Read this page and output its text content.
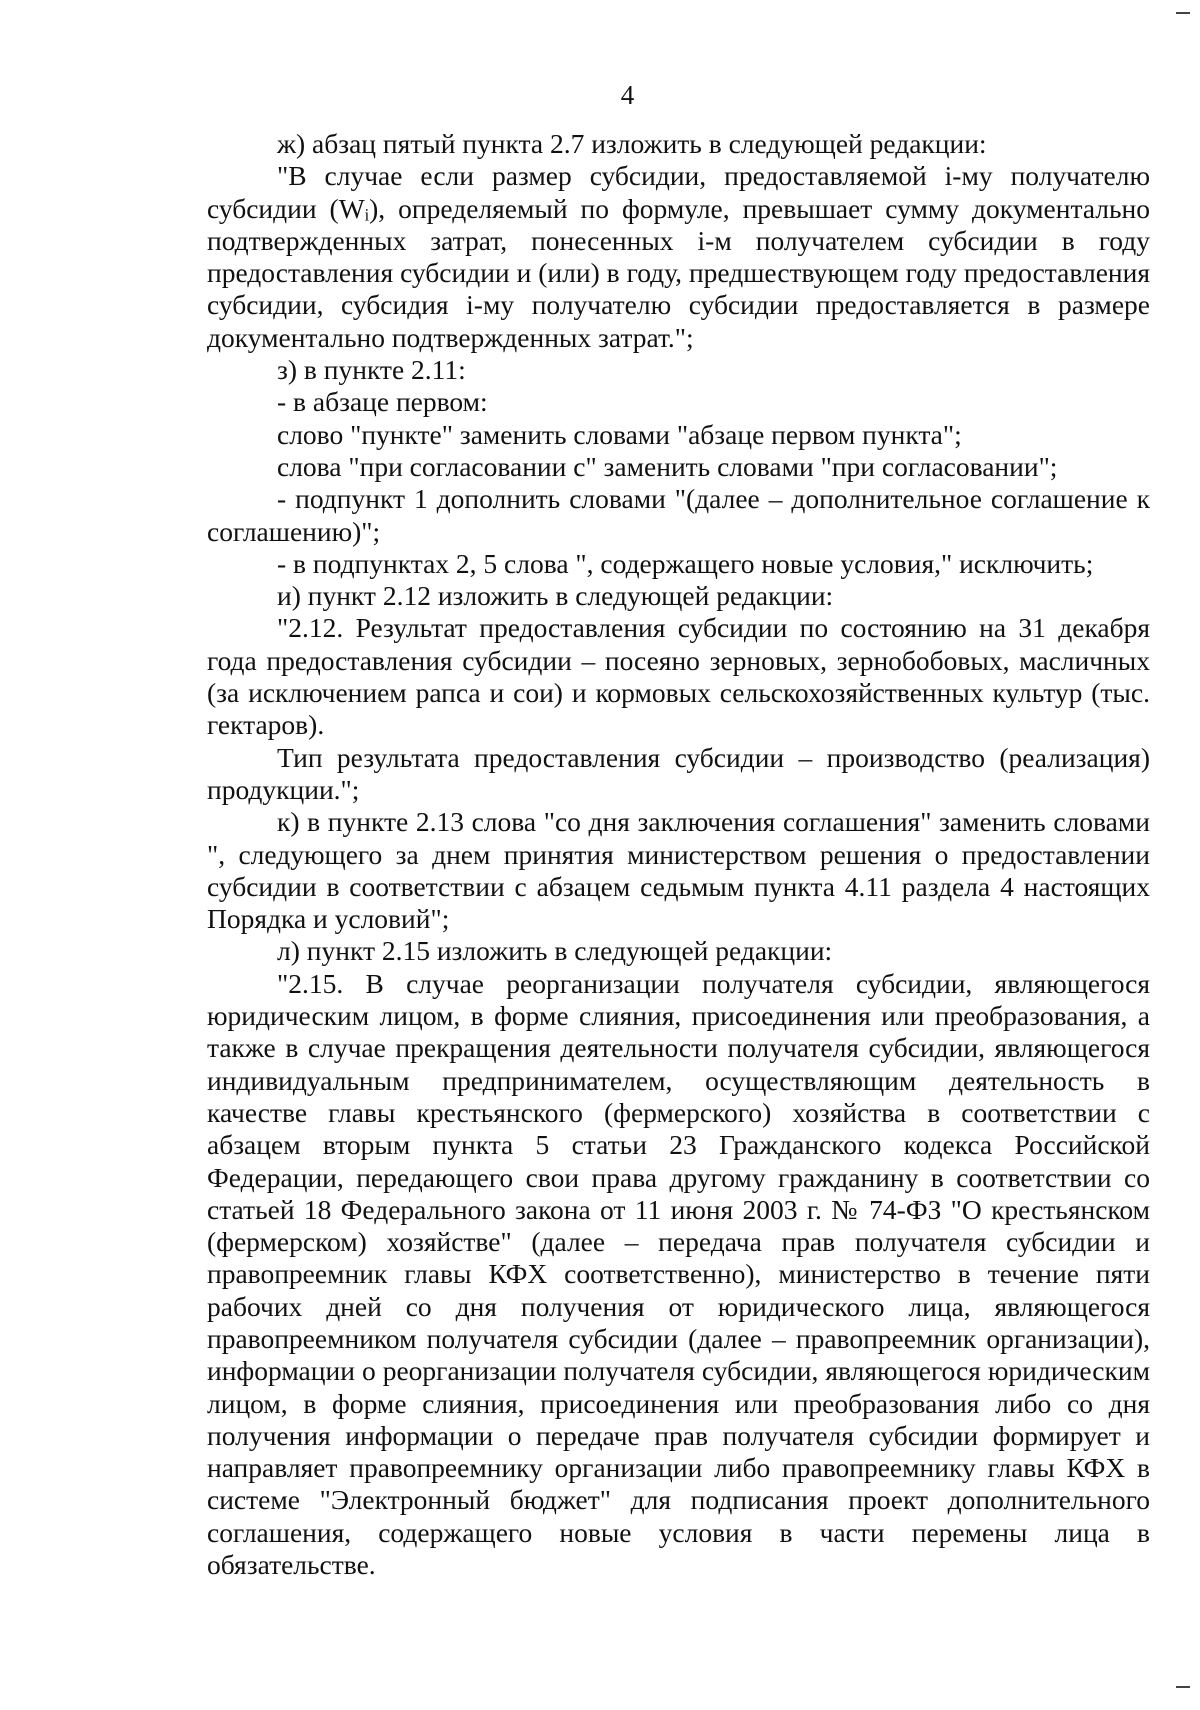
4

ж) абзац пятый пункта 2.7 изложить в следующей редакции:

"В случае если размер субсидии, предоставляемой i-му получателю субсидии (Wᵢ), определяемый по формуле, превышает сумму документально подтвержденных затрат, понесенных i-м получателем субсидии в году предоставления субсидии и (или) в году, предшествующем году предоставления субсидии, субсидия i-му получателю субсидии предоставляется в размере документально подтвержденных затрат.";

з) в пункте 2.11:

- в абзаце первом:

слово "пункте" заменить словами "абзаце первом пункта";

слова "при согласовании с" заменить словами "при согласовании";

- подпункт 1 дополнить словами "(далее – дополнительное соглашение к соглашению)";

- в подпунктах 2, 5 слова ", содержащего новые условия," исключить;

и) пункт 2.12 изложить в следующей редакции:

"2.12. Результат предоставления субсидии по состоянию на 31 декабря года предоставления субсидии – посеяно зерновых, зернобобовых, масличных (за исключением рапса и сои) и кормовых сельскохозяйственных культур (тыс. гектаров).

Тип результата предоставления субсидии – производство (реализация) продукции.";

к) в пункте 2.13 слова "со дня заключения соглашения" заменить словами ", следующего за днем принятия министерством решения о предоставлении субсидии в соответствии с абзацем седьмым пункта 4.11 раздела 4 настоящих Порядка и условий";

л) пункт 2.15 изложить в следующей редакции:

"2.15. В случае реорганизации получателя субсидии, являющегося юридическим лицом, в форме слияния, присоединения или преобразования, а также в случае прекращения деятельности получателя субсидии, являющегося индивидуальным предпринимателем, осуществляющим деятельность в качестве главы крестьянского (фермерского) хозяйства в соответствии с абзацем вторым пункта 5 статьи 23 Гражданского кодекса Российской Федерации, передающего свои права другому гражданину в соответствии со статьей 18 Федерального закона от 11 июня 2003 г. № 74-ФЗ "О крестьянском (фермерском) хозяйстве" (далее – передача прав получателя субсидии и правопреемник главы КФХ соответственно), министерство в течение пяти рабочих дней со дня получения от юридического лица, являющегося правопреемником получателя субсидии (далее – правопреемник организации), информации о реорганизации получателя субсидии, являющегося юридическим лицом, в форме слияния, присоединения или преобразования либо со дня получения информации о передаче прав получателя субсидии формирует и направляет правопреемнику организации либо правопреемнику главы КФХ в системе "Электронный бюджет" для подписания проект дополнительного соглашения, содержащего новые условия в части перемены лица в обязательстве.
